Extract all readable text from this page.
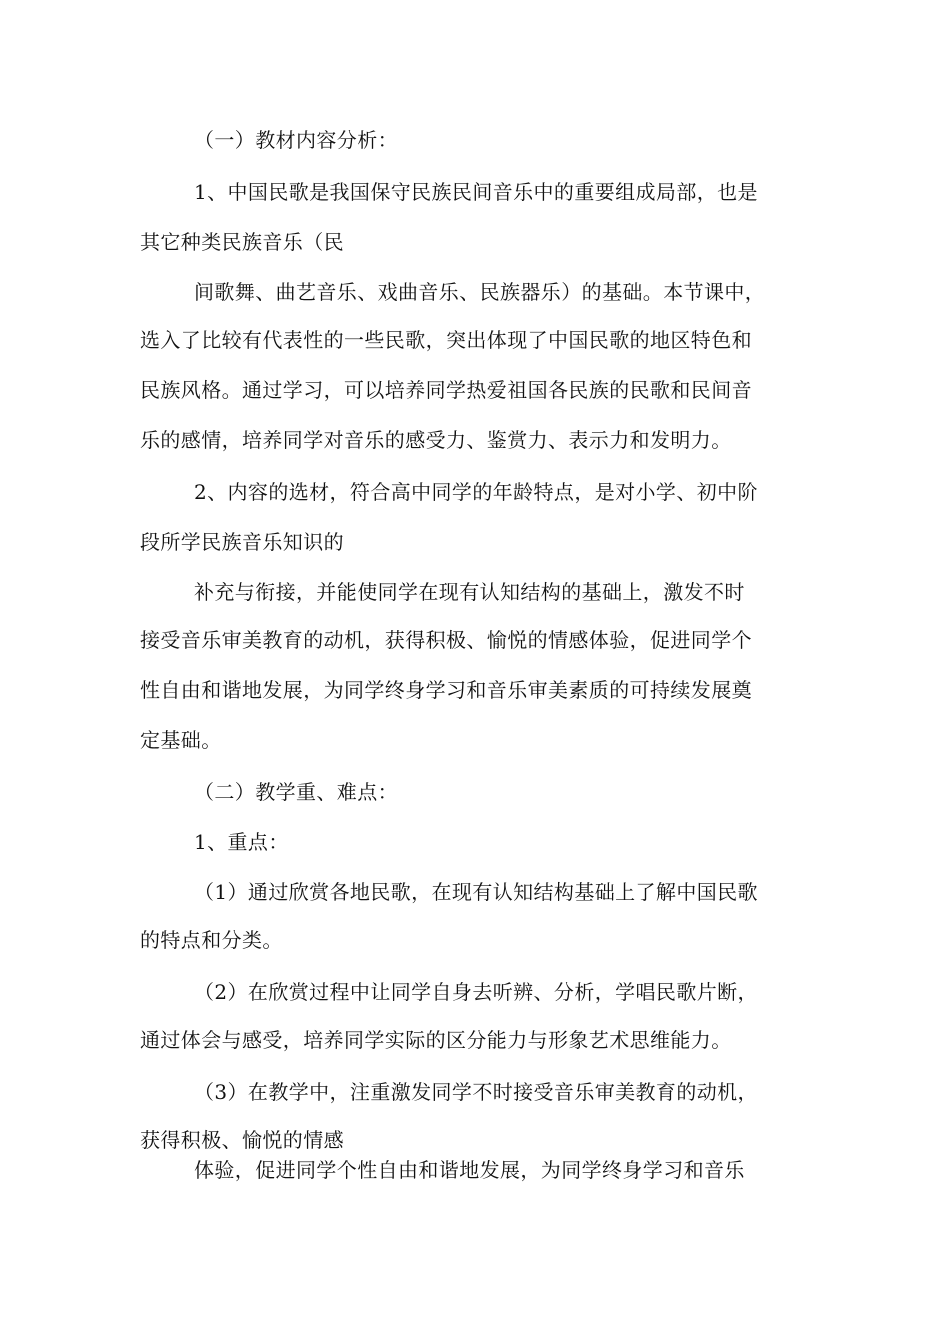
（一）教材内容分析：
1、中国民歌是我国保守民族民间音乐中的重要组成局部，也是
其它种类民族音乐（民
间歌舞、曲艺音乐、戏曲音乐、民族器乐）的基础。本节课中，
选入了比较有代表性的一些民歌，突出体现了中国民歌的地区特色和
民族风格。通过学习，可以培养同学热爱祖国各民族的民歌和民间音
乐的感情，培养同学对音乐的感受力、鉴赏力、表示力和发明力。
2、内容的选材，符合高中同学的年龄特点，是对小学、初中阶
段所学民族音乐知识的
补充与衔接，并能使同学在现有认知结构的基础上，激发不时
接受音乐审美教育的动机，获得积极、愉悦的情感体验，促进同学个
性自由和谐地发展，为同学终身学习和音乐审美素质的可持续发展奠
定基础。
（二）教学重、难点：
1、重点：
（1）通过欣赏各地民歌，在现有认知结构基础上了解中国民歌
的特点和分类。
（2）在欣赏过程中让同学自身去听辨、分析，学唱民歌片断，
通过体会与感受，培养同学实际的区分能力与形象艺术思维能力。
（3）在教学中，注重激发同学不时接受音乐审美教育的动机，
获得积极、愉悦的情感
体验，促进同学个性自由和谐地发展，为同学终身学习和音乐
